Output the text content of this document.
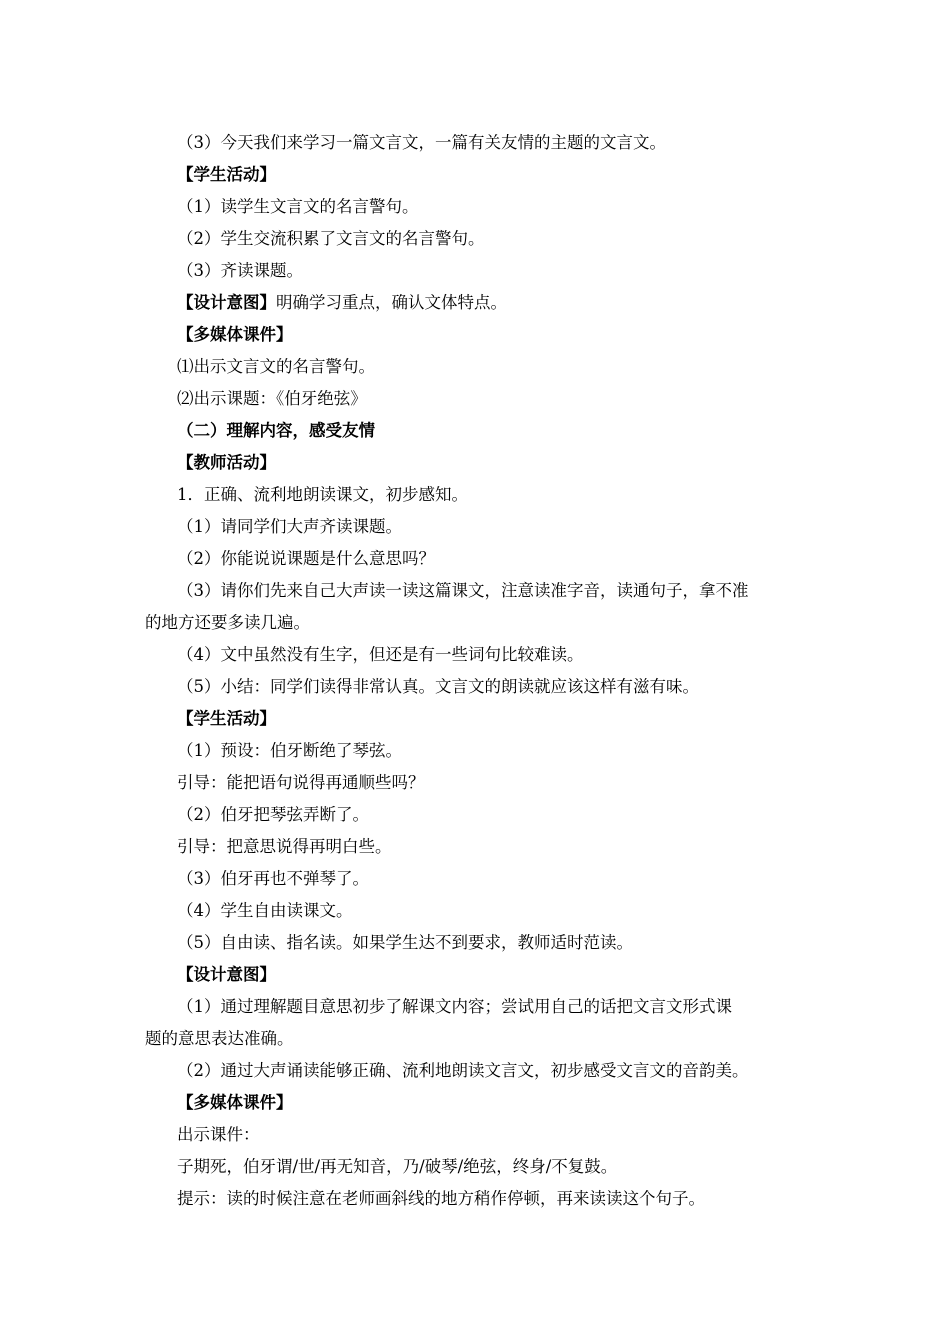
（3）今天我们来学习一篇文言文，一篇有关友情的主题的文言文。
【学生活动】
（1）读学生文言文的名言警句。
（2）学生交流积累了文言文的名言警句。
（3）齐读课题。
【设计意图】明确学习重点，确认文体特点。
【多媒体课件】
⑴出示文言文的名言警句。
⑵出示课题：《伯牙绝弦》
（二）理解内容，感受友情
【教师活动】
1．正确、流利地朗读课文，初步感知。
（1）请同学们大声齐读课题。
（2）你能说说课题是什么意思吗？
（3）请你们先来自己大声读一读这篇课文，注意读准字音，读通句子，拿不准
的地方还要多读几遍。
（4）文中虽然没有生字，但还是有一些词句比较难读。
（5）小结：同学们读得非常认真。文言文的朗读就应该这样有滋有味。
【学生活动】
（1）预设：伯牙断绝了琴弦。
引导：能把语句说得再通顺些吗？
（2）伯牙把琴弦弄断了。
引导：把意思说得再明白些。
（3）伯牙再也不弹琴了。
（4）学生自由读课文。
（5）自由读、指名读。如果学生达不到要求，教师适时范读。
【设计意图】
（1）通过理解题目意思初步了解课文内容；尝试用自己的话把文言文形式课
题的意思表达准确。
（2）通过大声诵读能够正确、流利地朗读文言文，初步感受文言文的音韵美。
【多媒体课件】
出示课件：
子期死，伯牙谓/世/再无知音，乃/破琴/绝弦，终身/不复鼓。
提示：读的时候注意在老师画斜线的地方稍作停顿，再来读读这个句子。
